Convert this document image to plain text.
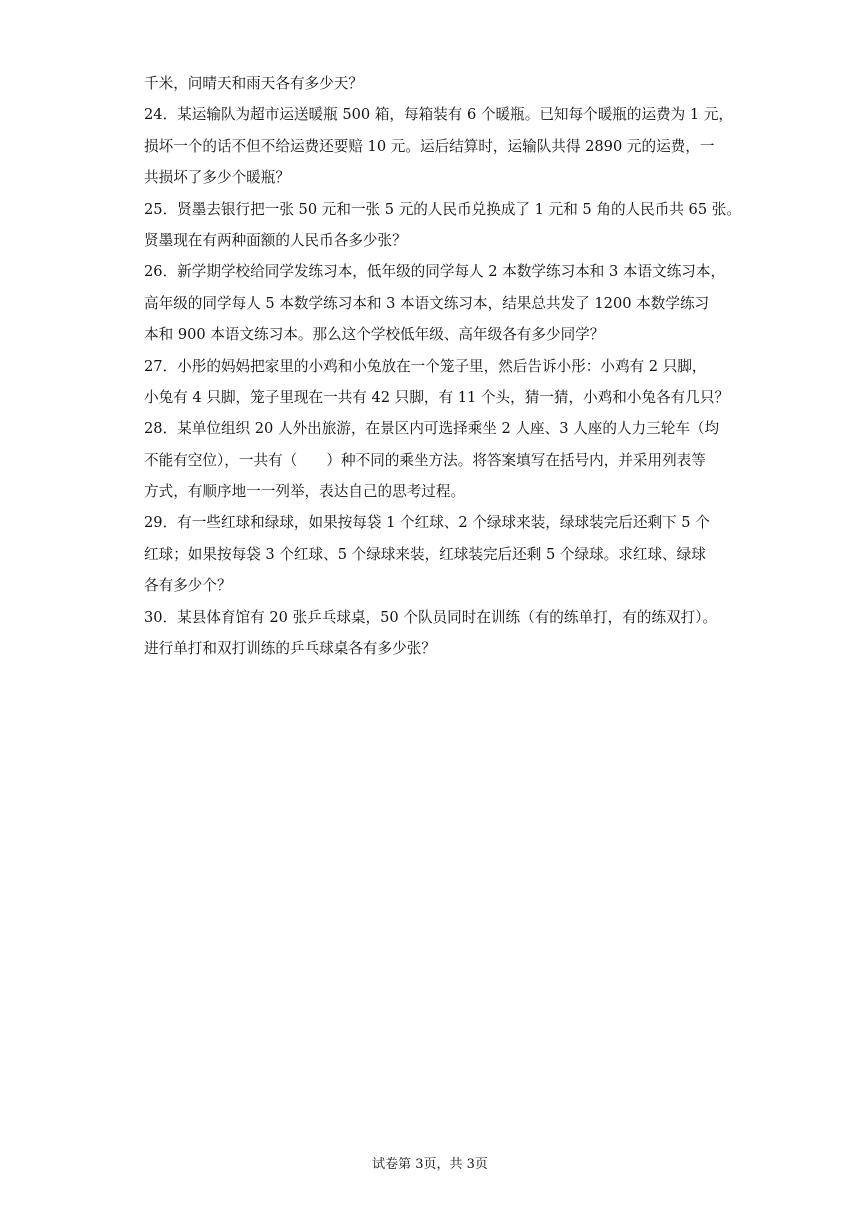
千米，问晴天和雨天各有多少天？
24．某运输队为超市运送暖瓶 500 箱，每箱装有 6 个暖瓶。已知每个暖瓶的运费为 1 元，
损坏一个的话不但不给运费还要赔 10 元。运后结算时，运输队共得 2890 元的运费，一
共损坏了多少个暖瓶？
25．贤墨去银行把一张 50 元和一张 5 元的人民币兑换成了 1 元和 5 角的人民币共 65 张。
贤墨现在有两种面额的人民币各多少张？
26．新学期学校给同学发练习本，低年级的同学每人 2 本数学练习本和 3 本语文练习本，
高年级的同学每人 5 本数学练习本和 3 本语文练习本，结果总共发了 1200 本数学练习
本和 900 本语文练习本。那么这个学校低年级、高年级各有多少同学？
27．小彤的妈妈把家里的小鸡和小兔放在一个笼子里，然后告诉小彤：小鸡有 2 只脚，
小兔有 4 只脚，笼子里现在一共有 42 只脚，有 11 个头，猜一猜，小鸡和小兔各有几只？
28．某单位组织 20 人外出旅游，在景区内可选择乘坐 2 人座、3 人座的人力三轮车（均
不能有空位），一共有（　　）种不同的乘坐方法。将答案填写在括号内，并采用列表等
方式，有顺序地一一列举，表达自己的思考过程。
29．有一些红球和绿球，如果按每袋 1 个红球、2 个绿球来装，绿球装完后还剩下 5 个
红球；如果按每袋 3 个红球、5 个绿球来装，红球装完后还剩 5 个绿球。求红球、绿球
各有多少个？
30．某县体育馆有 20 张乒乓球桌，50 个队员同时在训练（有的练单打，有的练双打）。
进行单打和双打训练的乒乓球桌各有多少张？
试卷第 3页，共 3页
